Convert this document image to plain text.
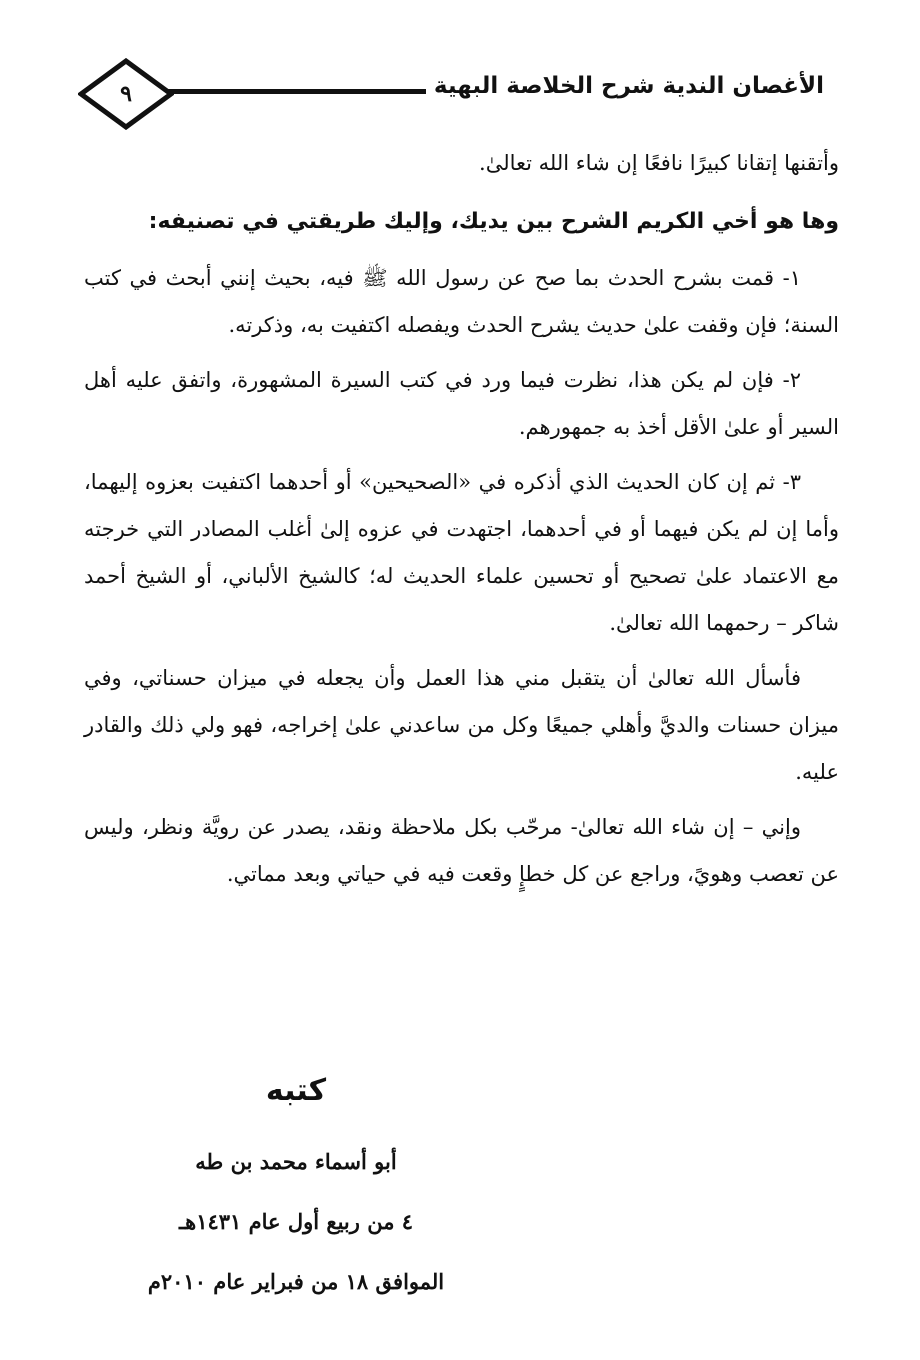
٩	الأغصان الندية شرح الخلاصة البهية

وأتقنها إتقانا كبيرًا نافعًا إن شاء الله تعالىٰ.

وها هو أخي الكريم الشرح بين يديك، وإليك طريقتي في تصنيفه:

١- قمت بشرح الحدث بما صح عن رسول الله ﷺ فيه، بحيث إنني أبحث في كتب السنة؛ فإن وقفت علىٰ حديث يشرح الحدث ويفصله اكتفيت به، وذكرته.

٢- فإن لم يكن هذا، نظرت فيما ورد في كتب السيرة المشهورة، واتفق عليه أهل السير أو علىٰ الأقل أخذ به جمهورهم.

٣- ثم إن كان الحديث الذي أذكره في «الصحيحين» أو أحدهما اكتفيت بعزوه إليهما، وأما إن لم يكن فيهما أو في أحدهما، اجتهدت في عزوه إلىٰ أغلب المصادر التي خرجته مع الاعتماد علىٰ تصحيح أو تحسين علماء الحديث له؛ كالشيخ الألباني، أو الشيخ أحمد شاكر – رحمهما الله تعالىٰ.

فأسأل الله تعالىٰ أن يتقبل مني هذا العمل وأن يجعله في ميزان حسناتي، وفي ميزان حسنات والديَّ وأهلي جميعًا وكل من ساعدني علىٰ إخراجه، فهو ولي ذلك والقادر عليه.

وإني – إن شاء الله تعالىٰ- مرحّب بكل ملاحظة ونقد، يصدر عن رويَّة ونظر، وليس عن تعصب وهويً، وراجع عن كل خطإٍ وقعت فيه في حياتي وبعد مماتي.

كتبه

أبو أسماء محمد بن طه

٤ من ربيع أول عام ١٤٣١هـ

الموافق ١٨ من فبراير عام ٢٠١٠م
